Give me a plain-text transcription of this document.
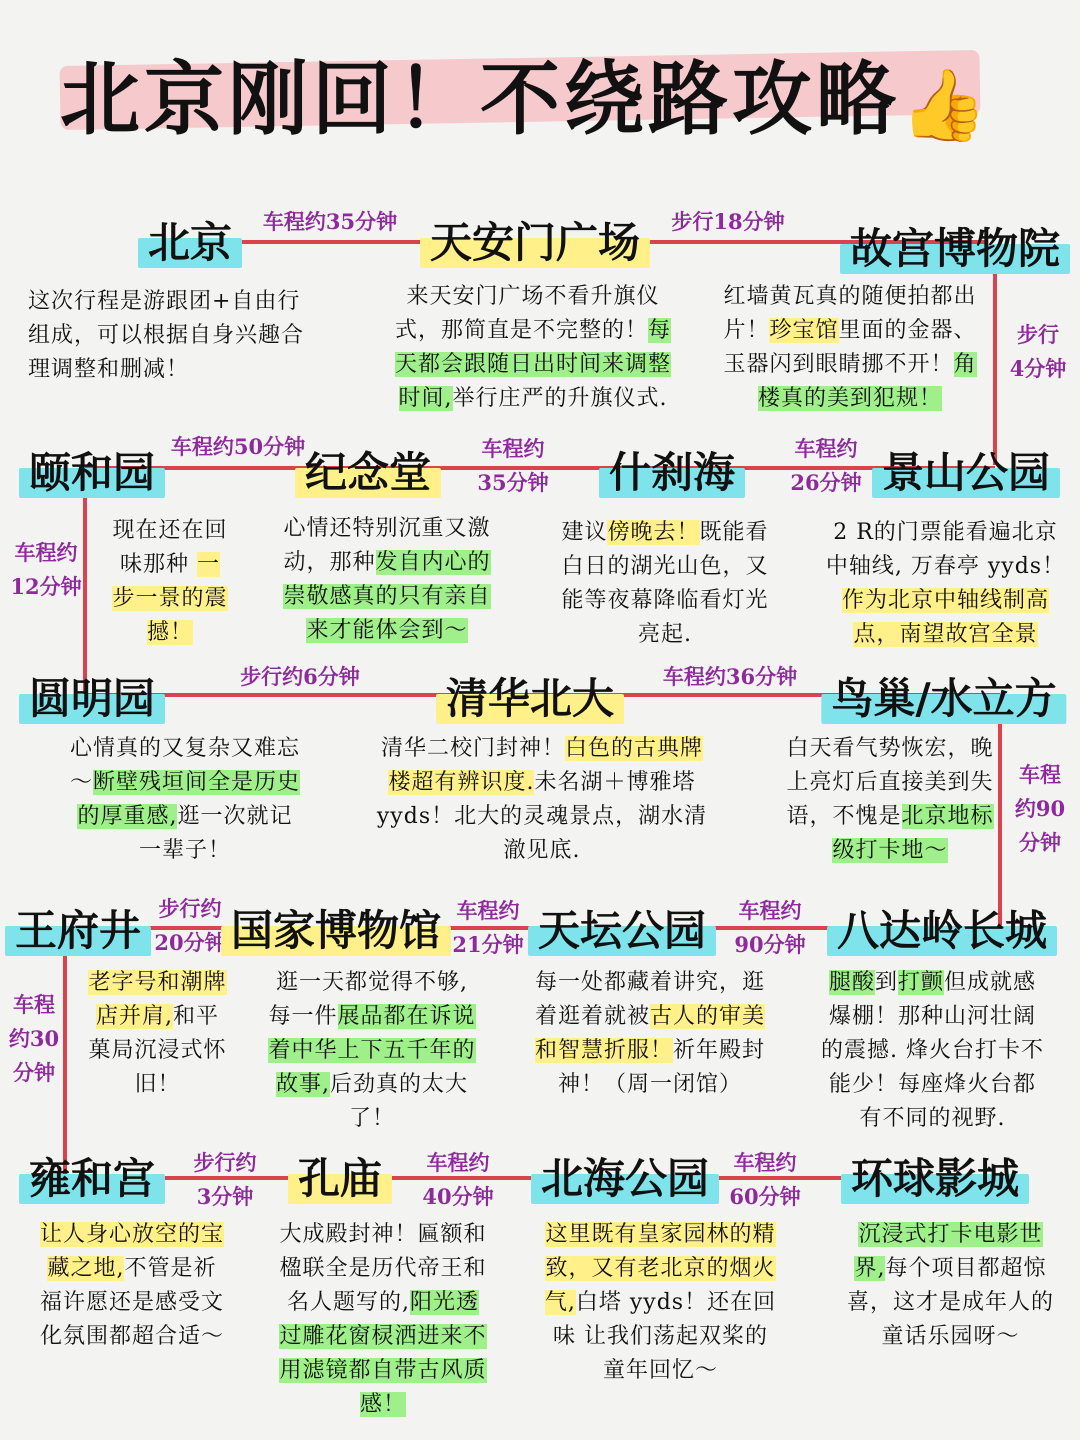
北京刚回！不绕路攻略👍
北京	车程约35分钟 天安门广场	步行18分钟
故宫博物院
步行
4分钟
这次行程是游跟团+自由行
组成，可以根据自身兴趣合
理调整和删减！
来天安门广场不看升旗仪
式，那简直是不完整的！每
天都会跟随日出时间来调整
时间,举行庄严的升旗仪式.
红墙黄瓦真的随便拍都出
片！珍宝馆里面的金器、
玉器闪到眼睛挪不开！角
楼真的美到犯规！
颐和园
车程约50分钟
纪念堂	车程约
35分钟 什刹海	车程约
26分钟 景山公园
车程约
12分钟
现在还在回
味那种 一
步一景的震
撼！
心情还特别沉重又激
动，那种发自内心的
崇敬感真的只有亲自
来才能体会到～
建议傍晚去！既能看
白日的湖光山色，又
能等夜幕降临看灯光
亮起.
2 R的门票能看遍北京
中轴线, 万春亭 yyds！
作为北京中轴线制高
点，南望故宫全景
圆明园	步行约6分钟 清华北大	车程约36分钟 鸟巢/水立方
车程
约90
分钟
心情真的又复杂又难忘
～断壁残垣间全是历史
的厚重感,逛一次就记
一辈子！
清华二校门封神！白色的古典牌
楼超有辨识度.未名湖＋博雅塔
yyds！北大的灵魂景点，湖水清
澈见底.
白天看气势恢宏，晚
上亮灯后直接美到失
语，不愧是北京地标
级打卡地～
王府井 步行约
20分钟 国家博物馆 车程约
21分钟 天坛公园	车程约
90分钟 八达岭长城
车程
约30
分钟
老字号和潮牌
店并肩,和平
菓局沉浸式怀
旧！
逛一天都觉得不够,
每一件展品都在诉说
着中华上下五千年的
故事,后劲真的太大
了！
每一处都藏着讲究，逛
着逛着就被古人的审美
和智慧折服！祈年殿封
神！（周一闭馆）
腿酸到打颤但成就感
爆棚！那种山河壮阔
的震撼. 烽火台打卡不
能少！每座烽火台都
有不同的视野.
雍和宫	步行约
3分钟 孔庙	车程约
40分钟 北海公园	车程约
60分钟 环球影城
让人身心放空的宝
藏之地,不管是祈
福许愿还是感受文
化氛围都超合适～
大成殿封神！匾额和
楹联全是历代帝王和
名人题写的,阳光透
过雕花窗棂洒进来不
用滤镜都自带古风质
感！
这里既有皇家园林的精
致，又有老北京的烟火
气,白塔 yyds！还在回
味 让我们荡起双桨的
童年回忆～
沉浸式打卡电影世
界,每个项目都超惊
喜，这才是成年人的
童话乐园呀～
